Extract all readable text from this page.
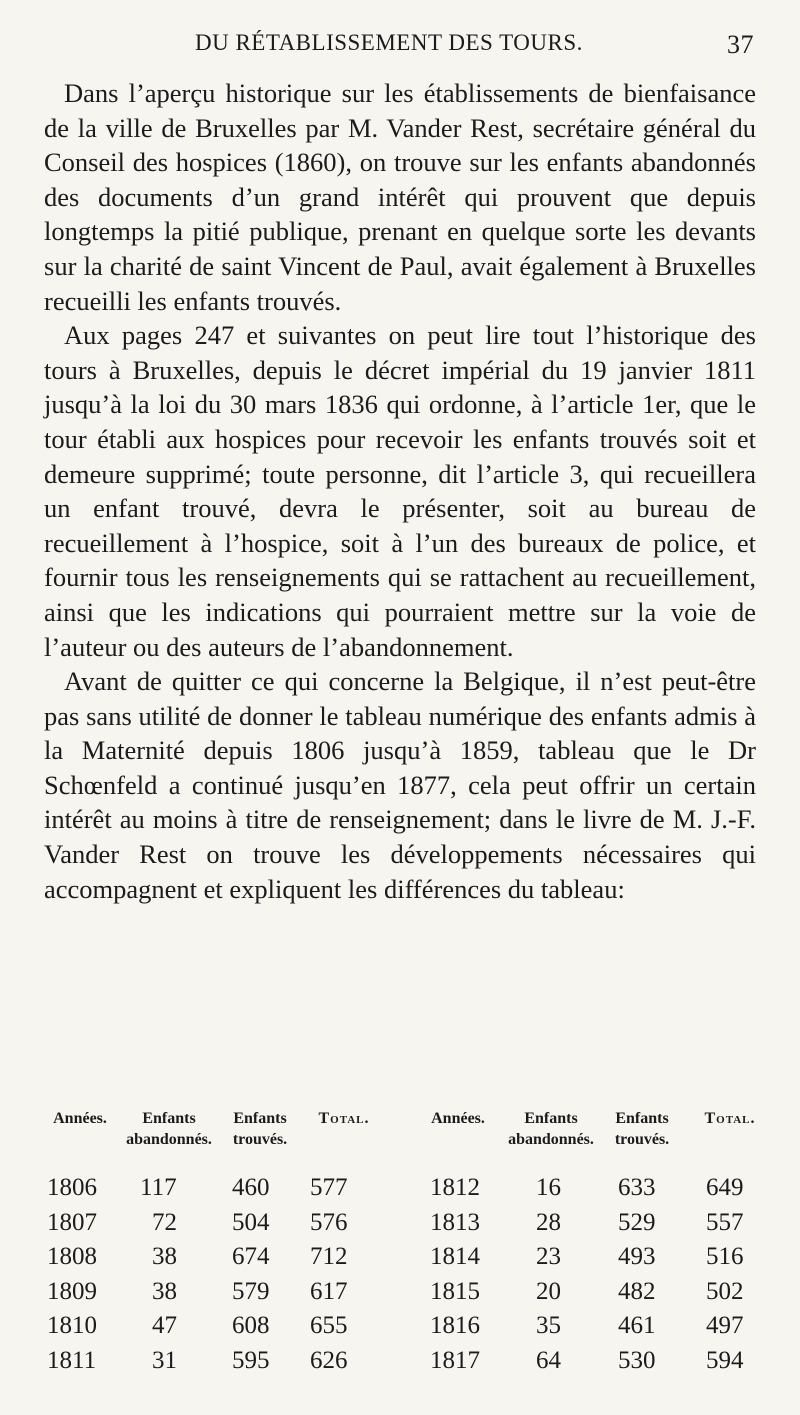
DU RÉTABLISSEMENT DES TOURS.	37

Dans l’aperçu historique sur les établissements de bienfaisance de la ville de Bruxelles par M. Vander Rest, secrétaire général du Conseil des hospices (1860), on trouve sur les enfants abandonnés des documents d’un grand intérêt qui prouvent que depuis longtemps la pitié publique, prenant en quelque sorte les devants sur la charité de saint Vincent de Paul, avait également à Bruxelles recueilli les enfants trouvés.

Aux pages 247 et suivantes on peut lire tout l’historique des tours à Bruxelles, depuis le décret impérial du 19 janvier 1811 jusqu’à la loi du 30 mars 1836 qui ordonne, à l’article 1er, que le tour établi aux hospices pour recevoir les enfants trouvés soit et demeure supprimé; toute personne, dit l’article 3, qui recueillera un enfant trouvé, devra le présenter, soit au bureau de recueillement à l’hospice, soit à l’un des bureaux de police, et fournir tous les renseignements qui se rattachent au recueillement, ainsi que les indications qui pourraient mettre sur la voie de l’auteur ou des auteurs de l’abandonnement.

Avant de quitter ce qui concerne la Belgique, il n’est peut-être pas sans utilité de donner le tableau numérique des enfants admis à la Maternité depuis 1806 jusqu’à 1859, tableau que le Dr Schœnfeld a continué jusqu’en 1877, cela peut offrir un certain intérêt au moins à titre de renseignement; dans le livre de M. J.-F. Vander Rest on trouve les développements nécessaires qui accompagnent et expliquent les différences du tableau:

Années.	Enfants
abandonnés.
Enfants
trouvés.
Total.	Années.	Enfants
abandonnés.
Enfants
trouvés.
Total.
1806 117 460 577	1812 16 633 649
1807 72 504 576	1813 28 529 557
1808 38 674 712	1814 23 493 516
1809 38 579 617	1815 20 482 502
1810 47 608 655	1816 35 461 497
1811 31 595 626	1817 64 530 594
